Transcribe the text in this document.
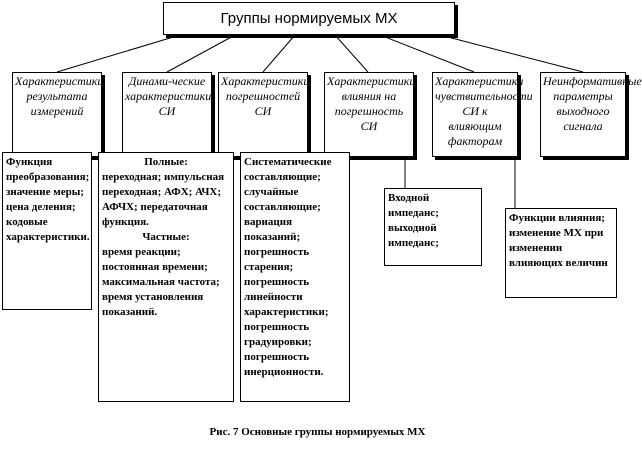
Группы нормируемых МХ
Характеристики результата измерений
Динами-ческие характеристики СИ
Характеристики погрешностей СИ
Характеристики влияния на погрешность СИ
Характеристики чувствительности СИ к влияющим факторам
Неинформативные параметры выходного сигнала
Функция преобразования; значение меры; цена деления; кодовые характеристики.
Полные:
переходная; импульсная переходная; АФХ; АЧХ; АФЧХ; передаточная функция.
Частные:
время реакции; постоянная времени; максимальная частота; время установления показаний.
Систематические составляющие; случайные составляющие; вариация показаний; погрешность старения; погрешность линейности характеристики; погрешность градуировки; погрешность инерционности.
Входной импеданс; выходной импеданс;
Функции влияния; изменение МХ при изменении влияющих величин
Рис. 7 Основные группы нормируемых МХ
